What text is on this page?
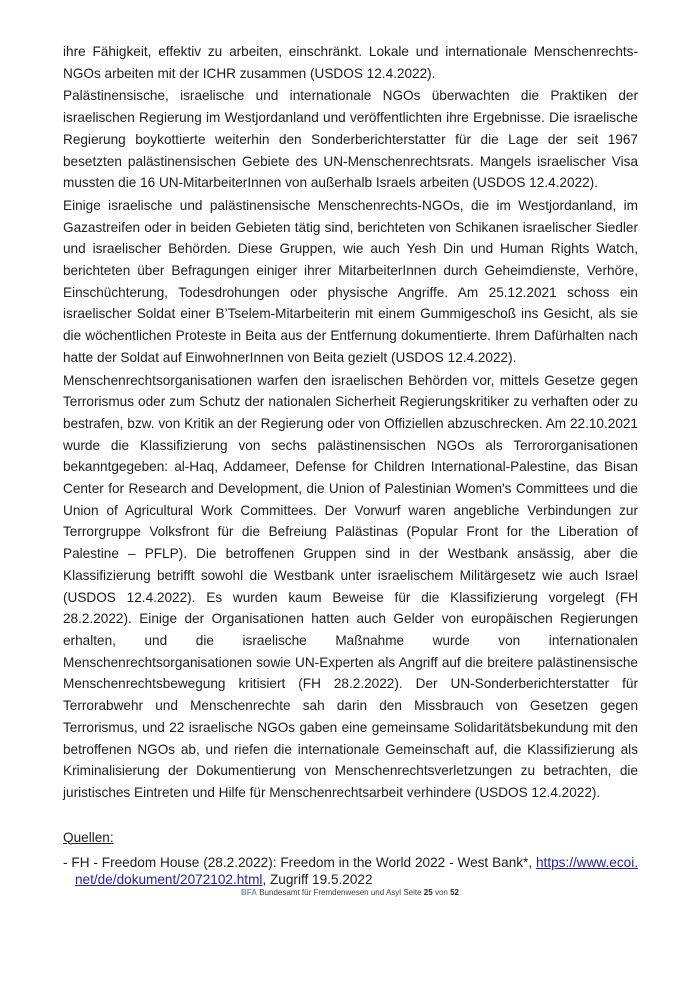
ihre Fähigkeit, effektiv zu arbeiten, einschränkt. Lokale und internationale Menschenrechts-NGOs arbeiten mit der ICHR zusammen (USDOS 12.4.2022).

Palästinensische, israelische und internationale NGOs überwachten die Praktiken der israelischen Regierung im Westjordanland und veröffentlichten ihre Ergebnisse. Die israelische Regierung boykottierte weiterhin den Sonderberichterstatter für die Lage der seit 1967 besetzten palästinensischen Gebiete des UN-Menschenrechtsrats. Mangels israelischer Visa mussten die 16 UN-MitarbeiterInnen von außerhalb Israels arbeiten (USDOS 12.4.2022).

Einige israelische und palästinensische Menschenrechts-NGOs, die im Westjordanland, im Gazastreifen oder in beiden Gebieten tätig sind, berichteten von Schikanen israelischer Siedler und israelischer Behörden. Diese Gruppen, wie auch Yesh Din und Human Rights Watch, berichteten über Befragungen einiger ihrer MitarbeiterInnen durch Geheimdienste, Verhöre, Einschüchterung, Todesdrohungen oder physische Angriffe. Am 25.12.2021 schoss ein israelischer Soldat einer B’Tselem-Mitarbeiterin mit einem Gummigeschoß ins Gesicht, als sie die wöchentlichen Proteste in Beita aus der Entfernung dokumentierte. Ihrem Dafürhalten nach hatte der Soldat auf EinwohnerInnen von Beita gezielt (USDOS 12.4.2022).

Menschenrechtsorganisationen warfen den israelischen Behörden vor, mittels Gesetze gegen Terrorismus oder zum Schutz der nationalen Sicherheit Regierungskritiker zu verhaften oder zu bestrafen, bzw. von Kritik an der Regierung oder von Offiziellen abzuschrecken. Am 22.10.2021 wurde die Klassifizierung von sechs palästinensischen NGOs als Terrororganisationen bekanntgegeben: al-Haq, Addameer, Defense for Children International-Palestine, das Bisan Center for Research and Development, die Union of Palestinian Women's Committees und die Union of Agricultural Work Committees. Der Vorwurf waren angebliche Verbindungen zur Terrorgruppe Volksfront für die Befreiung Palästinas (Popular Front for the Liberation of Palestine – PFLP). Die betroffenen Gruppen sind in der Westbank ansässig, aber die Klassifizierung betrifft sowohl die Westbank unter israelischem Militärgesetz wie auch Israel (USDOS 12.4.2022). Es wurden kaum Beweise für die Klassifizierung vorgelegt (FH 28.2.2022). Einige der Organisationen hatten auch Gelder von europäischen Regierungen erhalten, und die israelische Maßnahme wurde von internationalen Menschenrechtsorganisationen sowie UN-Experten als Angriff auf die breitere palästinensische Menschenrechtsbewegung kritisiert (FH 28.2.2022). Der UN-Sonderberichterstatter für Terrorabwehr und Menschenrechte sah darin den Missbrauch von Gesetzen gegen Terrorismus, und 22 israelische NGOs gaben eine gemeinsame Solidaritätsbekundung mit den betroffenen NGOs ab, und riefen die internationale Gemeinschaft auf, die Klassifizierung als Kriminalisierung der Dokumentierung von Menschenrechtsverletzungen zu betrachten, die juristisches Eintreten und Hilfe für Menschenrechtsarbeit verhindere (USDOS 12.4.2022).

Quellen:

- FH - Freedom House (28.2.2022): Freedom in the World 2022 - West Bank*, https://www.ecoi.net/de/dokument/2072102.html, Zugriff 19.5.2022

BFA Bundesamt für Fremdenwesen und Asyl Seite 25 von 52
